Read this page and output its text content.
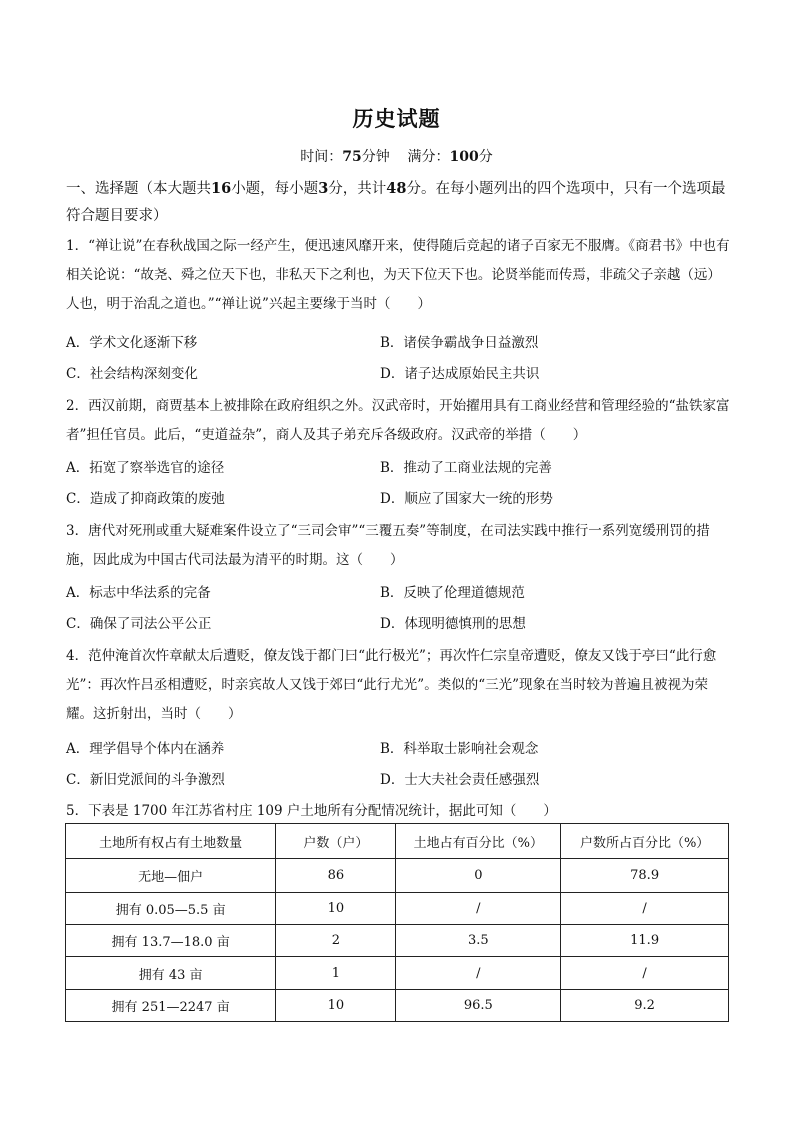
历史试题
时间：75分钟 满分：100分
一、选择题（本大题共16小题，每小题3分，共计48分。在每小题列出的四个选项中，只有一个选项最符合题目要求）
1．“禅让说”在春秋战国之际一经产生，便迅速风靡开来，使得随后竞起的诸子百家无不服膺。《商君书》中也有相关论说：“故尧、舜之位天下也，非私天下之利也，为天下位天下也。论贤举能而传焉，非疏父子亲越（远）人也，明于治乱之道也。”“禅让说”兴起主要缘于当时（　　）
A．学术文化逐渐下移	B．诸侯争霸战争日益激烈
C．社会结构深刻变化	D．诸子达成原始民主共识
2．西汉前期，商贾基本上被排除在政府组织之外。汉武帝时，开始擢用具有工商业经营和管理经验的“盐铁家富者”担任官员。此后，“吏道益杂”，商人及其子弟充斥各级政府。汉武帝的举措（　　）
A．拓宽了察举选官的途径	B．推动了工商业法规的完善
C．造成了抑商政策的废弛	D．顺应了国家大一统的形势
3．唐代对死刑或重大疑难案件设立了“三司会审”“三覆五奏”等制度，在司法实践中推行一系列宽缓刑罚的措施，因此成为中国古代司法最为清平的时期。这（　　）
A．标志中华法系的完备	B．反映了伦理道德规范
C．确保了司法公平公正	D．体现明德慎刑的思想
4．范仲淹首次忤章献太后遭贬，僚友饯于都门曰“此行极光”；再次忤仁宗皇帝遭贬，僚友又饯于亭曰“此行愈光”：再次忤吕丞相遭贬，时亲宾故人又饯于郊曰“此行尤光”。类似的“三光”现象在当时较为普遍且被视为荣耀。这折射出，当时（　　）
A．理学倡导个体内在涵养	B．科举取士影响社会观念
C．新旧党派间的斗争激烈	D．士大夫社会责任感强烈
5．下表是 1700 年江苏省村庄 109 户土地所有分配情况统计，据此可知（　　）
土地所有权占有土地数量	户数（户）	土地占有百分比（%）	户数所占百分比（%）
无地—佃户	86	0	78.9
拥有 0.05—5.5 亩	10	/	/
拥有 13.7—18.0 亩	2	3.5	11.9
拥有 43 亩	1	/	/
拥有 251—2247 亩	10	96.5	9.2
